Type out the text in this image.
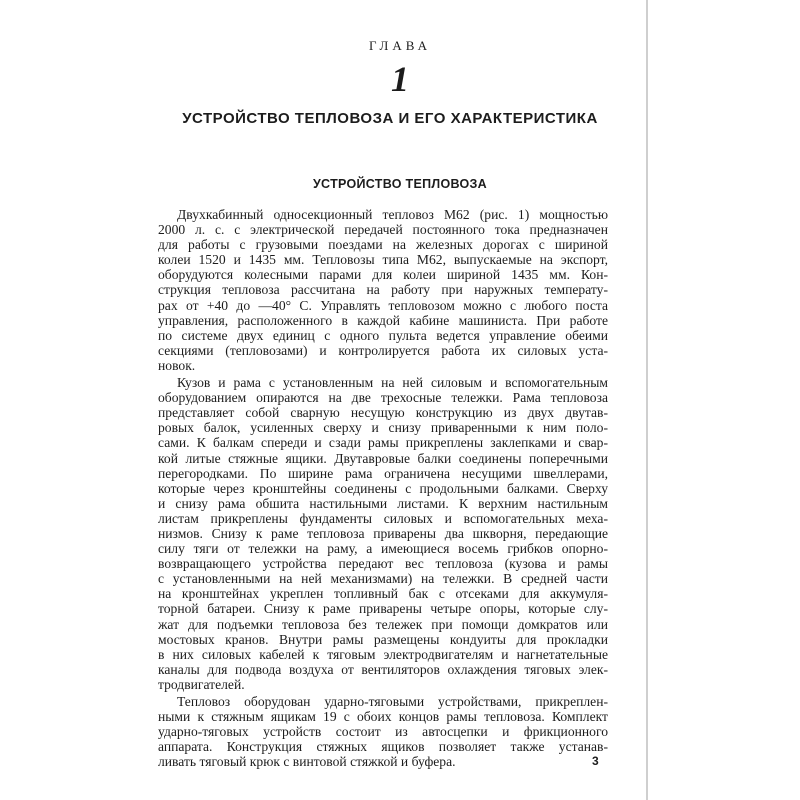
ГЛАВА
1
УСТРОЙСТВО ТЕПЛОВОЗА И ЕГО ХАРАКТЕРИСТИКА
УСТРОЙСТВО ТЕПЛОВОЗА
Двухкабинный односекционный тепловоз М62 (рис. 1) мощностью
2000 л. с. с электрической передачей постоянного тока предназначен
для работы с грузовыми поездами на железных дорогах с шириной
колеи 1520 и 1435 мм. Тепловозы типа М62, выпускаемые на экспорт,
оборудуются колесными парами для колеи шириной 1435 мм. Кон-
струкция тепловоза рассчитана на работу при наружных температу-
рах от +40 до —40° С. Управлять тепловозом можно с любого поста
управления, расположенного в каждой кабине машиниста. При работе
по системе двух единиц с одного пульта ведется управление обеими
секциями (тепловозами) и контролируется работа их силовых уста-
новок.
Кузов и рама с установленным на ней силовым и вспомогательным
оборудованием опираются на две трехосные тележки. Рама тепловоза
представляет собой сварную несущую конструкцию из двух двутав-
ровых балок, усиленных сверху и снизу приваренными к ним поло-
сами. К балкам спереди и сзади рамы прикреплены заклепками и свар-
кой литые стяжные ящики. Двутавровые балки соединены поперечными
перегородками. По ширине рама ограничена несущими швеллерами,
которые через кронштейны соединены с продольными балками. Сверху
и снизу рама обшита настильными листами. К верхним настильным
листам прикреплены фундаменты силовых и вспомогательных меха-
низмов. Снизу к раме тепловоза приварены два шкворня, передающие
силу тяги от тележки на раму, а имеющиеся восемь грибков опорно-
возвращающего устройства передают вес тепловоза (кузова и рамы
с установленными на ней механизмами) на тележки. В средней части
на кронштейнах укреплен топливный бак с отсеками для аккумуля-
торной батареи. Снизу к раме приварены четыре опоры, которые слу-
жат для подъемки тепловоза без тележек при помощи домкратов или
мостовых кранов. Внутри рамы размещены кондуиты для прокладки
в них силовых кабелей к тяговым электродвигателям и нагнетательные
каналы для подвода воздуха от вентиляторов охлаждения тяговых элек-
тродвигателей.
Тепловоз оборудован ударно-тяговыми устройствами, прикреплен-
ными к стяжным ящикам 19 с обоих концов рамы тепловоза. Комплект
ударно-тяговых устройств состоит из автосцепки и фрикционного
аппарата. Конструкция стяжных ящиков позволяет также устанав-
ливать тяговый крюк с винтовой стяжкой и буфера.	3
